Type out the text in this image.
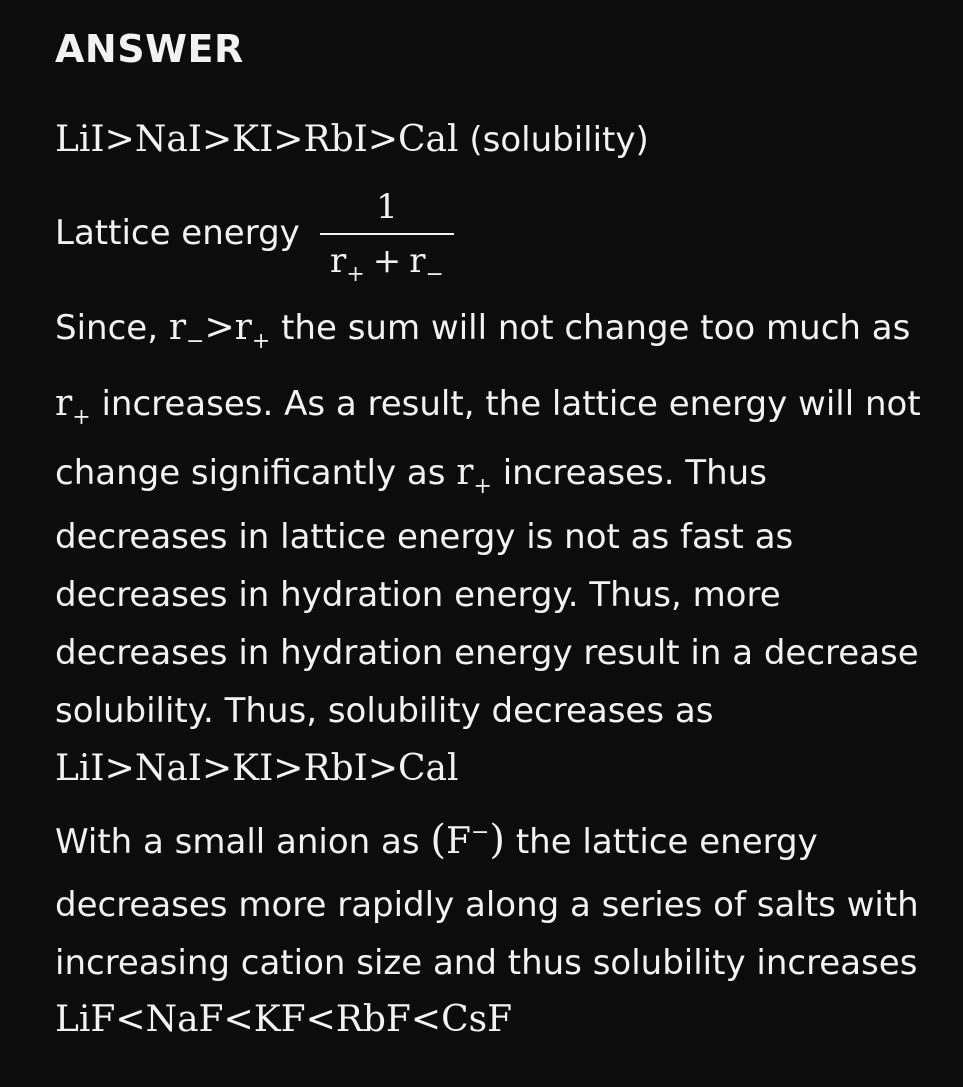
ANSWER
LiI>NaI>KI>RbI>Cal (solubility)
Lattice energy
1
$r_+ + r_-$
Since, $r_->r_+$ the sum will not change too much as
$r_+$ increases. As a result, the lattice energy will not
change significantly as $r_+$ increases. Thus
decreases in lattice energy is not as fast as
decreases in hydration energy. Thus, more
decreases in hydration energy result in a decrease
solubility. Thus, solubility decreases as
LiI>NaI>KI>RbI>Cal
With a small anion as (F−) the lattice energy
decreases more rapidly along a series of salts with
increasing cation size and thus solubility increases
LiF<NaF<KF<RbF<CsF
